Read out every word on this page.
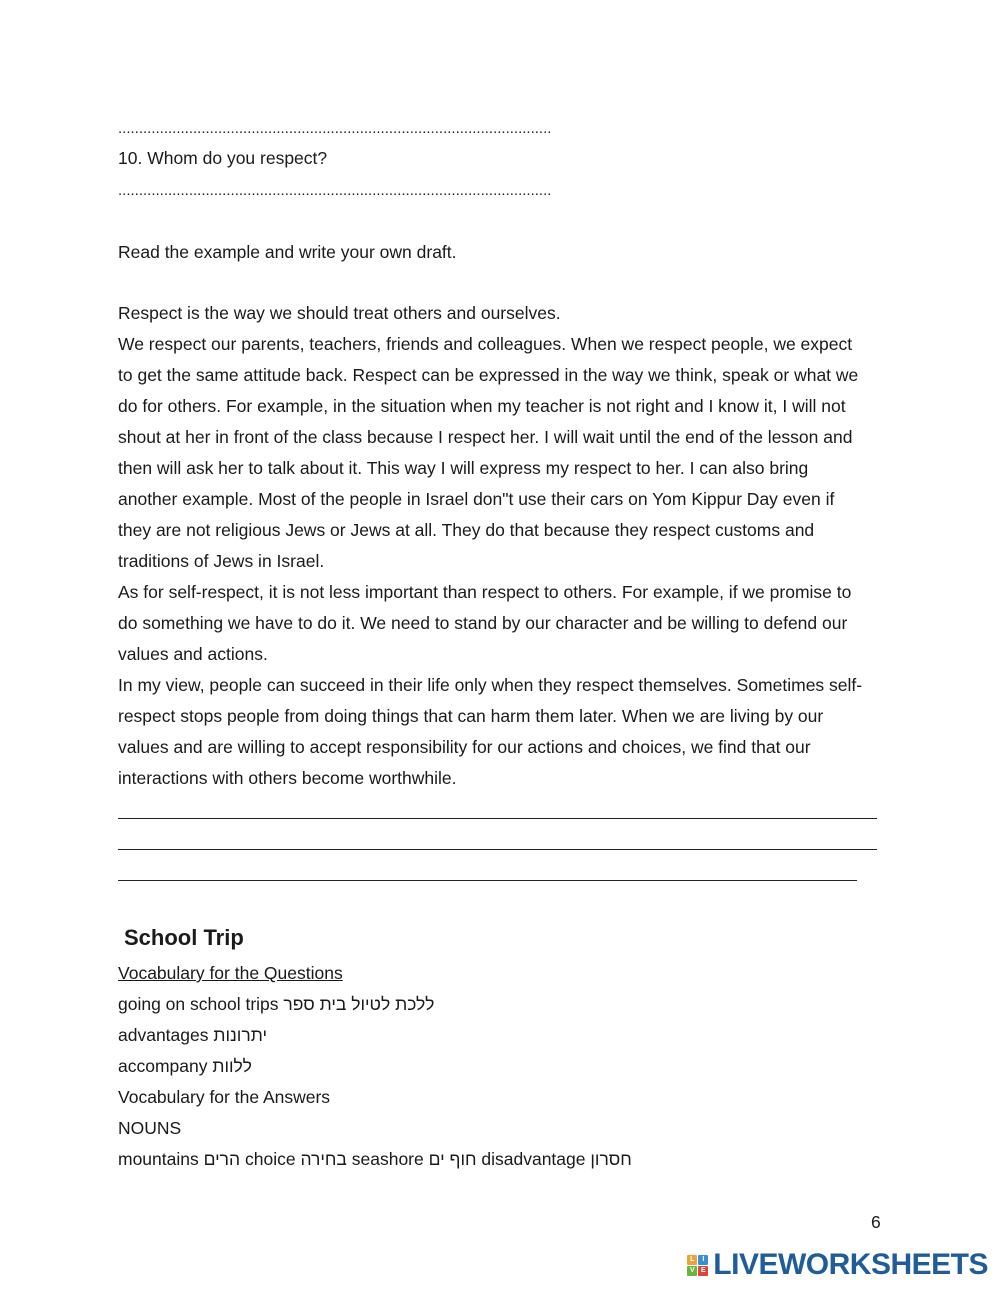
........................................................................................................
10. Whom do you respect?
........................................................................................................
Read the example and write your own draft.
Respect is the way we should treat others and ourselves.
We respect our parents, teachers, friends and colleagues. When we respect people, we expect
to get the same attitude back. Respect can be expressed in the way we think, speak or what we
do for others. For example, in the situation when my teacher is not right and I know it, I will not
shout at her in front of the class because I respect her. I will wait until the end of the lesson and
then will ask her to talk about it. This way I will express my respect to her. I can also bring
another example. Most of the people in Israel don"t use their cars on Yom Kippur Day even if
they are not religious Jews or Jews at all. They do that because they respect customs and
traditions of Jews in Israel.
As for self-respect, it is not less important than respect to others. For example, if we promise to
do something we have to do it. We need to stand by our character and be willing to defend our
values and actions.
In my view, people can succeed in their life only when they respect themselves. Sometimes self-
respect stops people from doing things that can harm them later. When we are living by our
values and are willing to accept responsibility for our actions and choices, we find that our
interactions with others become worthwhile.
School Trip
Vocabulary for the Questions
going on school trips ללכת לטיול בית ספר
advantages יתרונות
accompany ללוות
Vocabulary for the Answers
NOUNS
mountains הרים choice בחירה seashore חוף ים disadvantage חסרון
6
L	I
V E LIVEWORKSHEETS
